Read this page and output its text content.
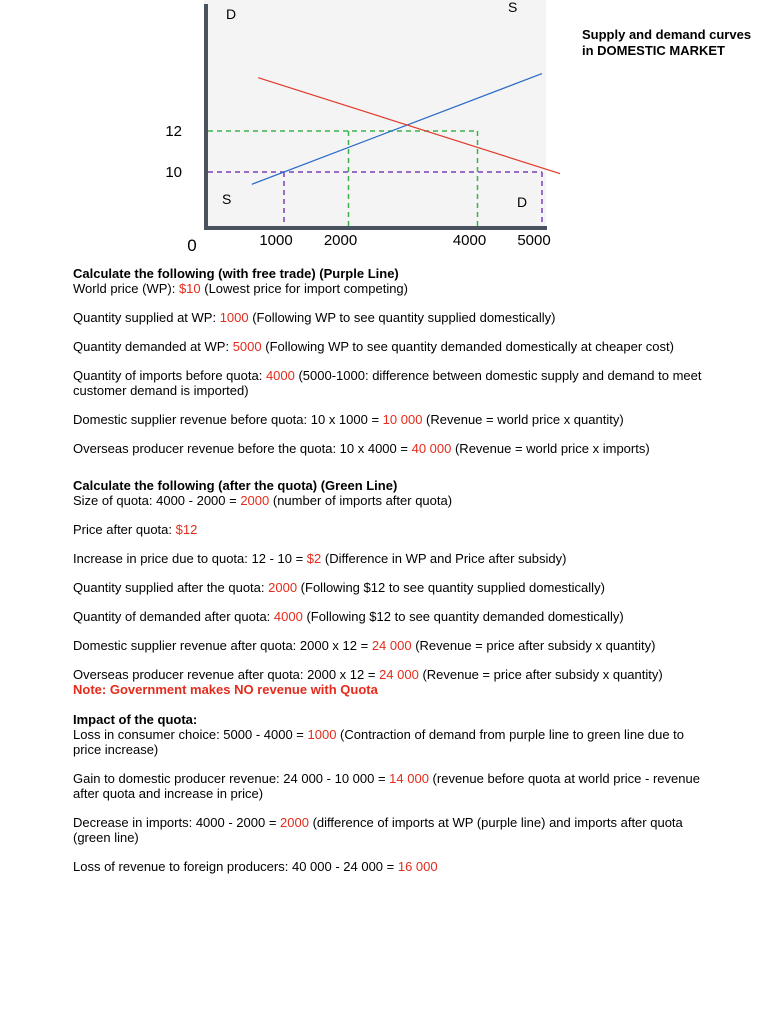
S
S
D
D
10
12
0	1000 2000	4000 5000
Supply and demand curves in DOMESTIC MARKET

Calculate the following (with free trade) (Purple Line)

World price (WP): $10 (Lowest price for import competing)

Quantity supplied at WP: 1000 (Following WP to see quantity supplied domestically)

Quantity demanded at WP: 5000 (Following WP to see quantity demanded domestically at cheaper cost)

Quantity of imports before quota: 4000 (5000-1000: difference between domestic supply and demand to meet customer demand is imported)

Domestic supplier revenue before quota: 10 x 1000 = 10 000 (Revenue = world price x quantity)

Overseas producer revenue before the quota: 10 x 4000 = 40 000 (Revenue = world price x imports)

Calculate the following (after the quota) (Green Line)

Size of quota: 4000 - 2000 = 2000 (number of imports after quota)

Price after quota: $12

Increase in price due to quota: 12 - 10 = $2 (Difference in WP and Price after subsidy)

Quantity supplied after the quota: 2000 (Following $12 to see quantity supplied domestically)

Quantity of demanded after quota: 4000 (Following $12 to see quantity demanded domestically)

Domestic supplier revenue after quota: 2000 x 12 = 24 000 (Revenue = price after subsidy x quantity)

Overseas producer revenue after quota: 2000 x 12 = 24 000 (Revenue = price after subsidy x quantity)

Note: Government makes NO revenue with Quota

Impact of the quota:

Loss in consumer choice: 5000 - 4000 = 1000 (Contraction of demand from purple line to green line due to price increase)

Gain to domestic producer revenue: 24 000 - 10 000 = 14 000 (revenue before quota at world price - revenue after quota and increase in price)

Decrease in imports: 4000 - 2000 = 2000 (difference of imports at WP (purple line) and imports after quota (green line)

Loss of revenue to foreign producers: 40 000 - 24 000 = 16 000
